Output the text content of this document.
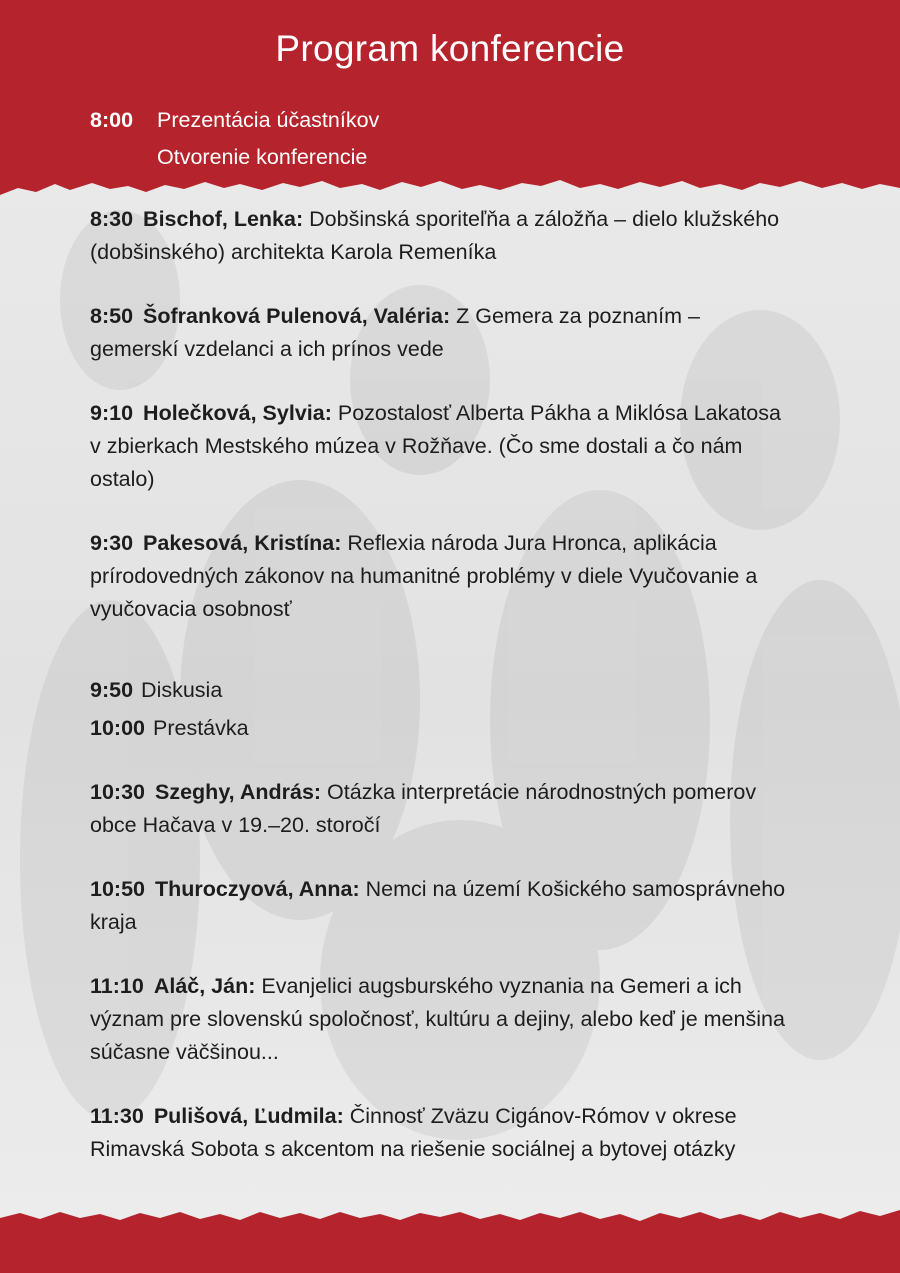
Program konferencie
8:00	Prezentácia účastníkov
Otvorenie konferencie

8:30 Bischof, Lenka: Dobšinská sporiteľňa a záložňa – dielo klužského (dobšinského) architekta Karola Remeníka

8:50 Šofranková Pulenová, Valéria: Z Gemera za poznaním – gemerskí vzdelanci a ich prínos vede

9:10 Holečková, Sylvia: Pozostalosť Alberta Pákha a Miklósa Lakatosa v zbierkach Mestského múzea v Rožňave. (Čo sme dostali a čo nám ostalo)

9:30 Pakesová, Kristína: Reflexia národa Jura Hronca, aplikácia prírodovedných zákonov na humanitné problémy v diele Vyučovanie a vyučovacia osobnosť

9:50 Diskusia

10:00 Prestávka

10:30 Szeghy, András: Otázka interpretácie národnostných pomerov obce Hačava v 19.–20. storočí

10:50 Thuroczyová, Anna: Nemci na území Košického samosprávneho kraja

11:10 Aláč, Ján: Evanjelici augsburského vyznania na Gemeri a ich význam pre slovenskú spoločnosť, kultúru a dejiny, alebo keď je menšina súčasne väčšinou...

11:30 Pulišová, Ľudmila: Činnosť Zväzu Cigánov-Rómov v okrese Rimavská Sobota s akcentom na riešenie sociálnej a bytovej otázky
